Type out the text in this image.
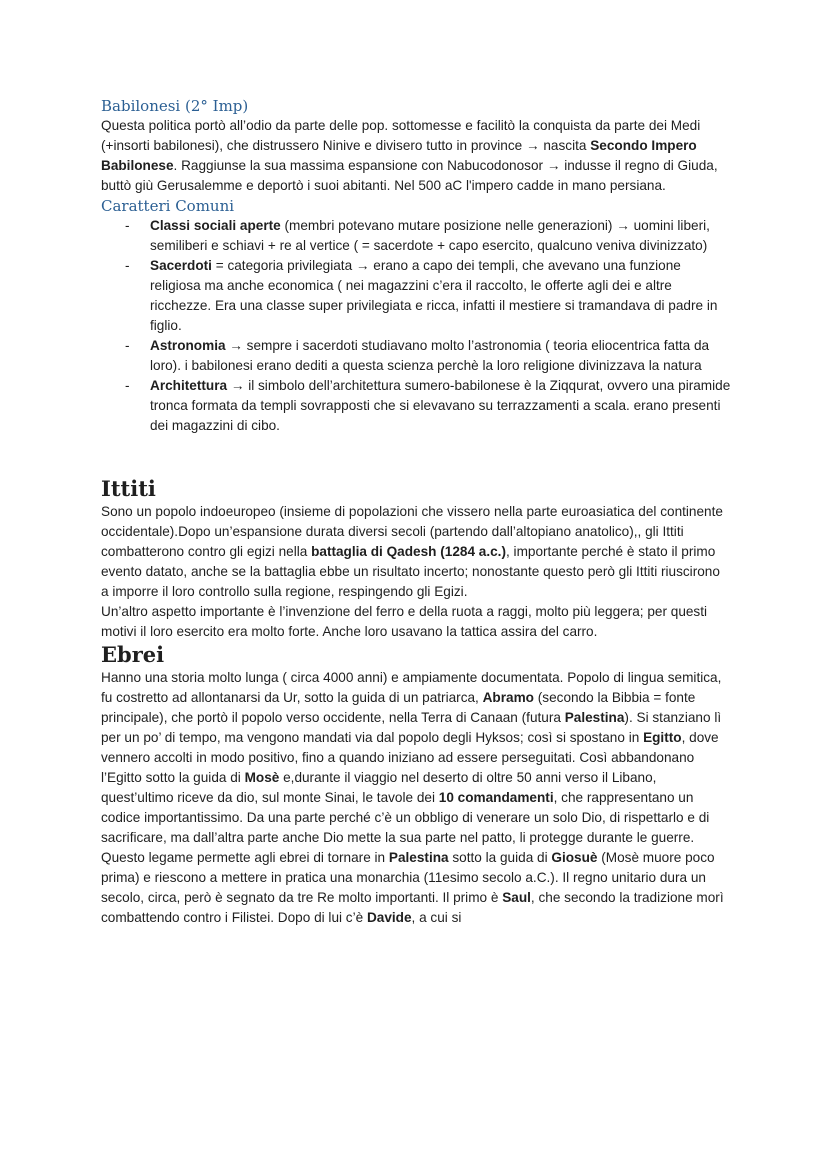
Babilonesi (2° Imp)

Questa politica portò all’odio da parte delle pop. sottomesse e facilitò la conquista da parte dei Medi (+insorti babilonesi), che distrussero Ninive e divisero tutto in province → nascita Secondo Impero Babilonese. Raggiunse la sua massima espansione con Nabucodonosor → indusse il regno di Giuda, buttò giù Gerusalemme e deportò i suoi abitanti. Nel 500 aC l'impero cadde in mano persiana.

Caratteri Comuni
- Classi sociali aperte (membri potevano mutare posizione nelle generazioni) → uomini liberi, semiliberi e schiavi + re al vertice ( = sacerdote + capo esercito, qualcuno veniva divinizzato)
- Sacerdoti = categoria privilegiata → erano a capo dei templi, che avevano una funzione religiosa ma anche economica ( nei magazzini c’era il raccolto, le offerte agli dei e altre ricchezze. Era una classe super privilegiata e ricca, infatti il mestiere si tramandava di padre in figlio.
- Astronomia → sempre i sacerdoti studiavano molto l’astronomia ( teoria eliocentrica fatta da loro). i babilonesi erano dediti a questa scienza perchè la loro religione divinizzava la natura
- Architettura → il simbolo dell’architettura sumero-babilonese è la Ziqqurat, ovvero una piramide tronca formata da templi sovrapposti che si elevavano su terrazzamenti a scala. erano presenti dei magazzini di cibo.
Ittiti

Sono un popolo indoeuropeo (insieme di popolazioni che vissero nella parte euroasiatica del continente occidentale).Dopo un’espansione durata diversi secoli (partendo dall’altopiano anatolico),, gli Ittiti combatterono contro gli egizi nella battaglia di Qadesh (1284 a.c.), importante perché è stato il primo evento datato, anche se la battaglia ebbe un risultato incerto; nonostante questo però gli Ittiti riuscirono a imporre il loro controllo sulla regione, respingendo gli Egizi.

Un’altro aspetto importante è l’invenzione del ferro e della ruota a raggi, molto più leggera; per questi motivi il loro esercito era molto forte. Anche loro usavano la tattica assira del carro.

Ebrei

Hanno una storia molto lunga ( circa 4000 anni) e ampiamente documentata. Popolo di lingua semitica, fu costretto ad allontanarsi da Ur, sotto la guida di un patriarca, Abramo (secondo la Bibbia = fonte principale), che portò il popolo verso occidente, nella Terra di Canaan (futura Palestina). Si stanziano lì per un po’ di tempo, ma vengono mandati via dal popolo degli Hyksos; così si spostano in Egitto, dove vennero accolti in modo positivo, fino a quando iniziano ad essere perseguitati. Così abbandonano l’Egitto sotto la guida di Mosè e,durante il viaggio nel deserto di oltre 50 anni verso il Libano, quest’ultimo riceve da dio, sul monte Sinai, le tavole dei 10 comandamenti, che rappresentano un codice importantissimo. Da una parte perché c’è un obbligo di venerare un solo Dio, di rispettarlo e di sacrificare, ma dall’altra parte anche Dio mette la sua parte nel patto, li protegge durante le guerre. Questo legame permette agli ebrei di tornare in Palestina sotto la guida di Giosuè (Mosè muore poco prima) e riescono a mettere in pratica una monarchia (11esimo secolo a.C.). Il regno unitario dura un secolo, circa, però è segnato da tre Re molto importanti. Il primo è Saul, che secondo la tradizione morì combattendo contro i Filistei. Dopo di lui c’è Davide, a cui si
